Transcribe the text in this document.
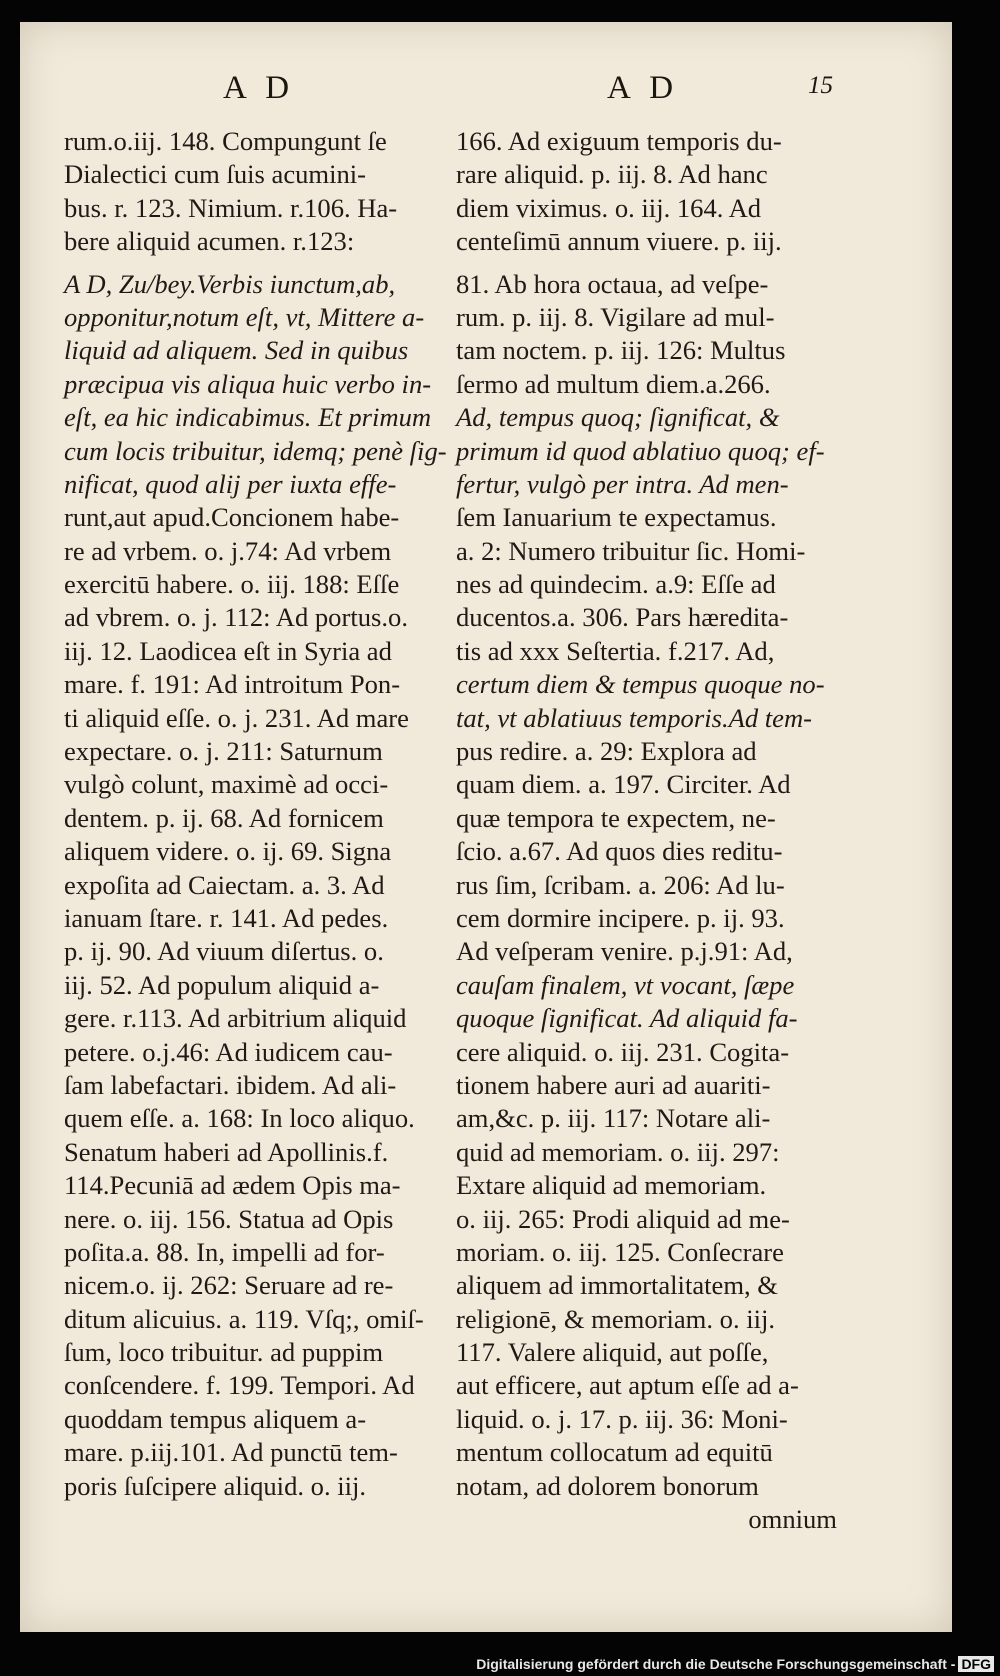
A D	A D	15
rum.o.iij. 148. Compungunt ſe
Dialectici cum ſuis acumini-
bus. r. 123. Nimium. r.106. Ha-
bere aliquid acumen. r.123:
A D, Zu/bey.Verbis iunctum,ab,
opponitur,notum eſt, vt, Mittere a-
liquid ad aliquem. Sed in quibus
præcipua vis aliqua huic verbo in-
eſt, ea hic indicabimus. Et primum
cum locis tribuitur, idemq; penè ſig-
nificat, quod alij per iuxta effe-
runt,aut apud.Concionem habe-
re ad vrbem. o. j.74: Ad vrbem
exercitū habere. o. iij. 188: Eſſe
ad vbrem. o. j. 112: Ad portus.o.
iij. 12. Laodicea eſt in Syria ad
mare. f. 191: Ad introitum Pon-
ti aliquid eſſe. o. j. 231. Ad mare
expectare. o. j. 211: Saturnum
vulgò colunt, maximè ad occi-
dentem. p. ij. 68. Ad fornicem
aliquem videre. o. ij. 69. Signa
expoſita ad Caiectam. a. 3. Ad
ianuam ſtare. r. 141. Ad pedes.
p. ij. 90. Ad viuum diſertus. o.
iij. 52. Ad populum aliquid a-
gere. r.113. Ad arbitrium aliquid
petere. o.j.46: Ad iudicem cau-
ſam labefactari. ibidem. Ad ali-
quem eſſe. a. 168: In loco aliquo.
Senatum haberi ad Apollinis.f.
114.Pecuniā ad ædem Opis ma-
nere. o. iij. 156. Statua ad Opis
poſita.a. 88. In, impelli ad for-
nicem.o. ij. 262: Seruare ad re-
ditum alicuius. a. 119. Vſq;, omiſ-
ſum, loco tribuitur. ad puppim
conſcendere. f. 199. Tempori. Ad
quoddam tempus aliquem a-
mare. p.iij.101. Ad punctū tem-
poris ſuſcipere aliquid. o. iij.
166. Ad exiguum temporis du-
rare aliquid. p. iij. 8. Ad hanc
diem viximus. o. iij. 164. Ad
centeſimū annum viuere. p. iij.
81. Ab hora octaua, ad veſpe-
rum. p. iij. 8. Vigilare ad mul-
tam noctem. p. iij. 126: Multus
ſermo ad multum diem.a.266.
Ad, tempus quoq; ſignificat, &
primum id quod ablatiuo quoq; ef-
fertur, vulgò per intra. Ad men-
ſem Ianuarium te expectamus.
a. 2: Numero tribuitur ſic. Homi-
nes ad quindecim. a.9: Eſſe ad
ducentos.a. 306. Pars hæredita-
tis ad xxx Seſtertia. f.217. Ad,
certum diem & tempus quoque no-
tat, vt ablatiuus temporis.Ad tem-
pus redire. a. 29: Explora ad
quam diem. a. 197. Circiter. Ad
quæ tempora te expectem, ne-
ſcio. a.67. Ad quos dies reditu-
rus ſim, ſcribam. a. 206: Ad lu-
cem dormire incipere. p. ij. 93.
Ad veſperam venire. p.j.91: Ad,
cauſam finalem, vt vocant, ſæpe
quoque ſignificat. Ad aliquid fa-
cere aliquid. o. iij. 231. Cogita-
tionem habere auri ad auariti-
am,&c. p. iij. 117: Notare ali-
quid ad memoriam. o. iij. 297:
Extare aliquid ad memoriam.
o. iij. 265: Prodi aliquid ad me-
moriam. o. iij. 125. Conſecrare
aliquem ad immortalitatem, &
religionē, & memoriam. o. iij.
117. Valere aliquid, aut poſſe,
aut efficere, aut aptum eſſe ad a-
liquid. o. j. 17. p. iij. 36: Moni-
mentum collocatum ad equitū
notam, ad dolorem bonorum
omnium
Digitalisierung gefördert durch die Deutsche Forschungsgemeinschaft - DFG
